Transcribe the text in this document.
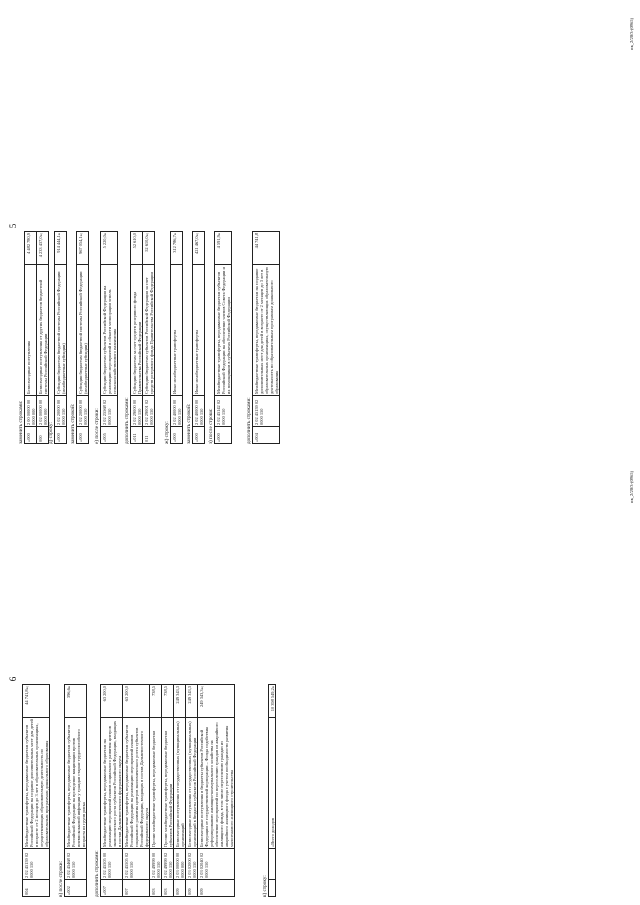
5
заменить строками: «000	2 00 00000 00 0000 000	Безвозмездные поступления	4 482 780,9
000	2 02 00000 00 0000 000	Безвозмездные поступления от других бюджетов бюджетной системы Российской Федерации	4 233 437,0»;
д) строку: «000	2 02 20000 00 0000 150	Субсидии бюджетам бюджетной системы Российской Федерации (межбюджетные субсидии)	914 444,1»
заменить строкой: «000	2 02 20000 00 0000 150	Субсидии бюджетам бюджетной системы Российской Федерации (межбюджетные субсидии)	967 054,1»;
е) после строки: «005	2 02 25568 02 0000 150	Субсидии бюджетам субъектов Российской Федерации на реализацию мероприятий в области мелиорации земель сельскохозяйственного назначения	5 220,0»
дополнить строками: «011	2 02 29000 00 0000 150	Субсидии бюджетам за счет средств резервного фонда Правительства Российской Федерации	52 610,0
011	2 02 29001 02 0000 150	Субсидии бюджетам субъектов Российской Федерации за счет средств резервного фонда Правительства Российской Федерации	52 610,0»;
ж) строку: «000	2 02 40000 00 0000 150	Иные межбюджетные трансферты	312 786,7»
заменить строкой: «000	2 02 40000 00 0000 150	Иные межбюджетные трансферты	421 467,0»;
з) после строки: «000	2 02 45142 02 0000 150	Межбюджетные трансферты, передаваемые бюджетам субъектов Российской Федерации на обеспечение членов Совета Федерации и их помощников в субъектах Российской Федерации	4 591,9»
дополнить строками: «004	2 02 45159 02 0000 150	Межбюджетные трансферты, передаваемые бюджетам на создание дополнительных мест для детей в возрасте от 2 месяцев до 3 лет в образовательных организациях, осуществляющих образовательную деятельность по образовательным программам дошкольного образования	44 741,8
ик_2/20/3-(0965)
6
004	2 02 45159 02 0000 150	Межбюджетные трансферты, передаваемые бюджетам субъектов Российской Федерации на создание дополнительных мест для детей в возрасте от 2 месяцев до 3 лет в образовательных организациях, осуществляющих образовательную деятельность по образовательным программам дошкольного образования	44 741,8»;
в) после строки: «002	2 02 45468 02 0000 150	Межбюджетные трансферты, передаваемые бюджетам субъектов Российской Федерации на проведение вакцинации против пневмококковой инфекции у граждан старше трудоспособного возраста из групп риска	396,6»
дополнить строками: «007	2 02 45505 00 0000 150	Межбюджетные трансферты, передаваемые бюджетам на реализацию мероприятий планов социального развития центров экономического роста субъектов Российской Федерации, входящих в состав Дальневосточного федерального округа	63 200,0
007	2 02 45505 02 0000 150	Межбюджетные трансферты, передаваемые бюджетам субъектов Российской Федерации на реализацию мероприятий планов социального развития центров экономического роста субъектов Российской Федерации, входящих в состав Дальневосточного федерального округа	63 200,0
003	2 02 49999 00 0000 150	Прочие межбюджетные трансферты, передаваемые бюджетам	738,5
003	2 02 49999 02 0000 150	Прочие межбюджетные трансферты, передаваемые бюджетам субъектов Российской Федерации	738,5
009	2 03 00000 00 0000 000	Безвозмездные поступления от государственных (муниципальных) организаций	249 343,3
009	2 03 02000 02 0000 150	Безвозмездные поступления от государственных (муниципальных) организаций в бюджеты субъектов Российской Федерации	249 343,3
009	2 03 02040 02 0000 150	Безвозмездные поступления в бюджеты субъектов Российской Федерации от государственной корпорации – Фонда содействия реформированию жилищно-коммунального хозяйства на обеспечение мероприятий по переселению граждан из аварийного жилищного фонда, в том числе переселению граждан из аварийного жилищного фонда с учетом необходимости развития малоэтажного жилищного строительства	249 343,3»;
к) строку:
		«Всего доходов	10 398 549,2»
ик_2/20/3-(0965)
